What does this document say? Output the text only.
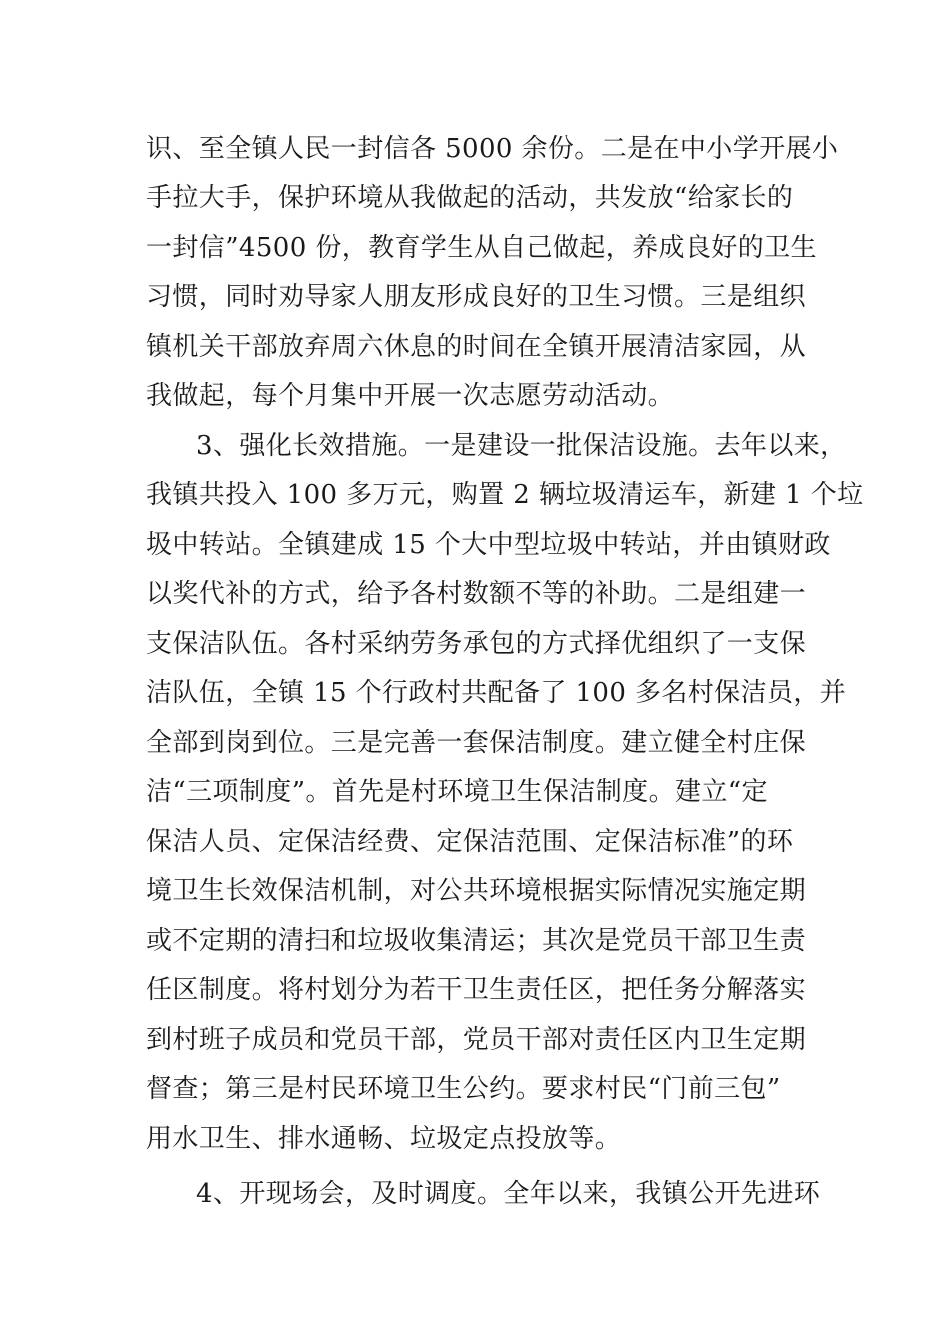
识、至全镇人民一封信各 5000 余份。二是在中小学开展小
手拉大手，保护环境从我做起的活动，共发放“给家长的
一封信”4500 份，教育学生从自己做起，养成良好的卫生
习惯，同时劝导家人朋友形成良好的卫生习惯。三是组织
镇机关干部放弃周六休息的时间在全镇开展清洁家园，从
我做起，每个月集中开展一次志愿劳动活动。
3、强化长效措施。一是建设一批保洁设施。去年以来，
我镇共投入 100 多万元，购置 2 辆垃圾清运车，新建 1 个垃
圾中转站。全镇建成 15 个大中型垃圾中转站，并由镇财政
以奖代补的方式，给予各村数额不等的补助。二是组建一
支保洁队伍。各村采纳劳务承包的方式择优组织了一支保
洁队伍，全镇 15 个行政村共配备了 100 多名村保洁员，并
全部到岗到位。三是完善一套保洁制度。建立健全村庄保
洁“三项制度”。首先是村环境卫生保洁制度。建立“定
保洁人员、定保洁经费、定保洁范围、定保洁标准”的环
境卫生长效保洁机制，对公共环境根据实际情况实施定期
或不定期的清扫和垃圾收集清运；其次是党员干部卫生责
任区制度。将村划分为若干卫生责任区，把任务分解落实
到村班子成员和党员干部，党员干部对责任区内卫生定期
督查；第三是村民环境卫生公约。要求村民“门前三包”
用水卫生、排水通畅、垃圾定点投放等。
4、开现场会，及时调度。全年以来，我镇公开先进环
